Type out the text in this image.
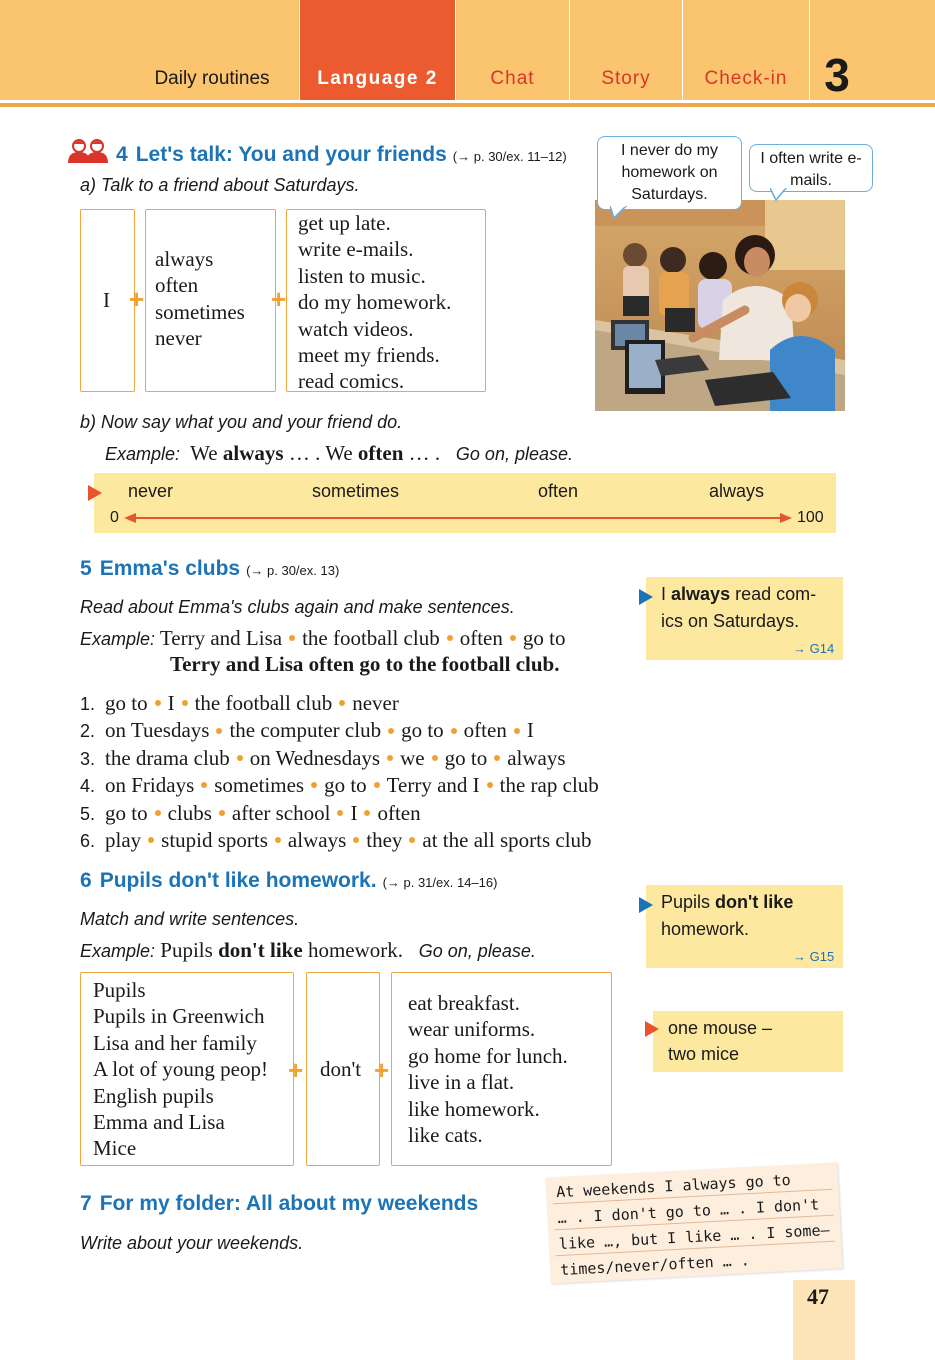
Daily routines	Language 2	Chat	Story	Check-in 3
4 Let's talk: You and your friends (→ p. 30/ex. 11–12)
a) Talk to a friend about Saturdays.
I +
always
often
sometimes
never
+
get up late.
write e-mails.
listen to music.
do my homework.
watch videos.
meet my friends.
read comics.
I never do my homework on Saturdays.
I often write e-mails.
b) Now say what you and your friend do.
Example: We always … . We often … . Go on, please.
never	sometimes	often	always
0	100
5 Emma's clubs (→ p. 30/ex. 13)
Read about Emma's clubs again and make sentences.
Example: Terry and Lisa the football club often go to
Terry and Lisa often go to the football club.
I always read com-
ics on Saturdays.
→ G14
1. go to I the football club never
2. on Tuesdays the computer club go to often I
3. the drama club on Wednesdays we go to always
4. on Fridays sometimes go to Terry and I the rap club
5. go to clubs after school I often
6. play stupid sports always they at the all sports club
6 Pupils don't like homework. (→ p. 31/ex. 14–16)
Match and write sentences.
Example: Pupils don't like homework. Go on, please.
Pupils don't like
homework.
→ G15
one mouse –
two mice
Pupils
Pupils in Greenwich
Lisa and her family
A lot of young peop!
English pupils
Emma and Lisa
Mice
+ don't +
eat breakfast.
wear uniforms.
go home for lunch.
live in a flat.
like homework.
like cats.
7 For my folder: All about my weekends
Write about your weekends.
At weekends I always go to
… . I don't go to … . I don't
like …, but I like … . I some–
times/never/often … .
47
